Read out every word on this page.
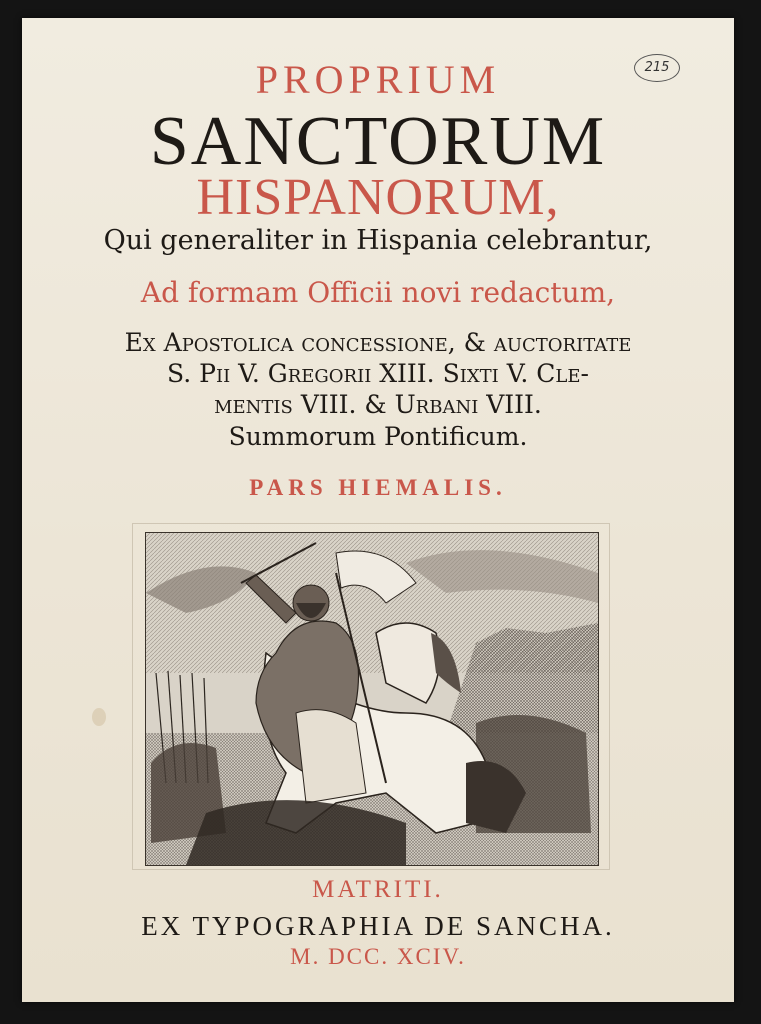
215
PROPRIUM
SANCTORUM
HISPANORUM,
Qui generaliter in Hispania celebrantur,
Ad formam Officii novi redactum,
Ex Apostolica concessione, & auctoritate
S. Pii V. Gregorii XIII. Sixti V. Cle-
mentis VIII. & Urbani VIII.
Summorum Pontificum.
PARS HIEMALIS.
MATRITI.
EX TYPOGRAPHIA DE SANCHA.
M. DCC. XCIV.
